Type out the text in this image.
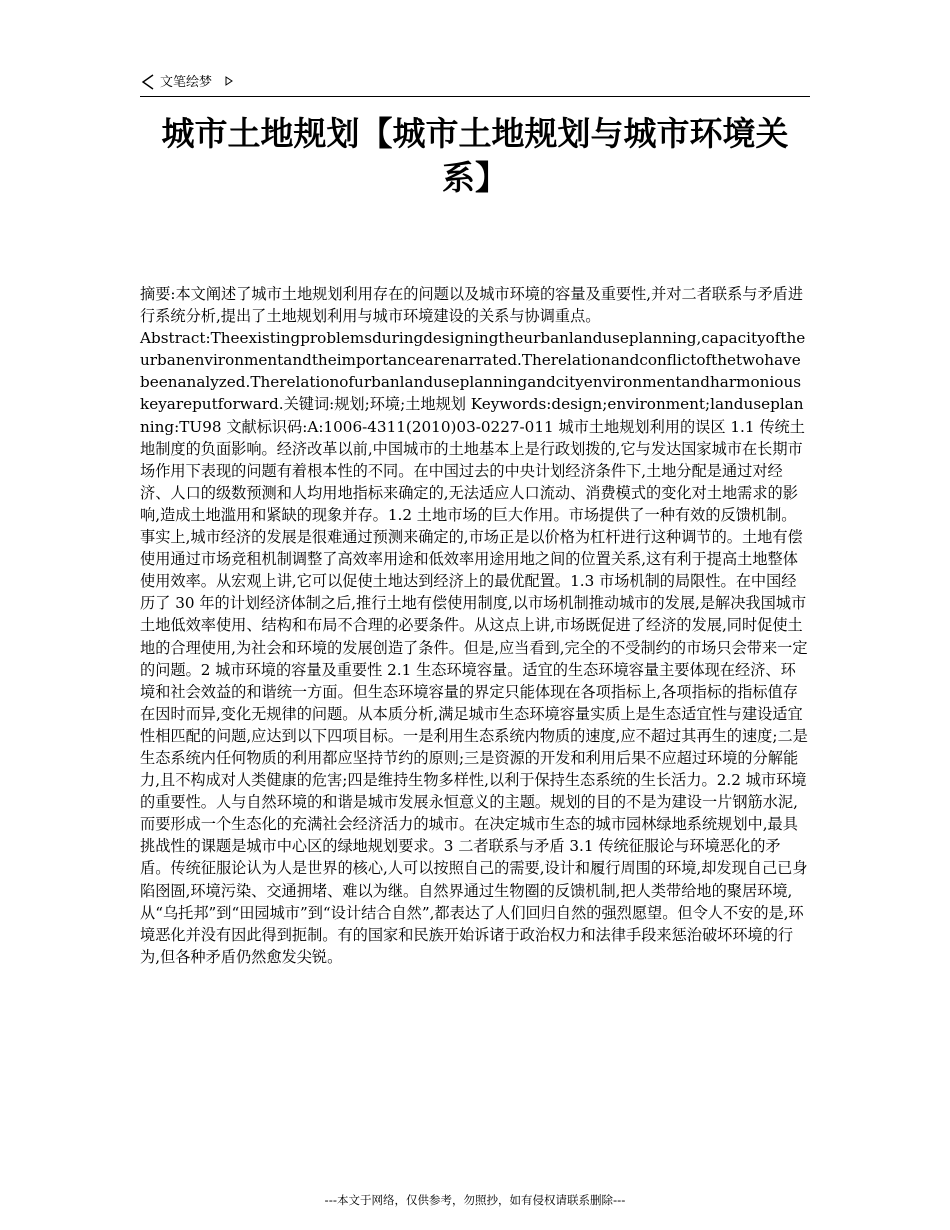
文笔绘梦
城市土地规划【城市土地规划与城市环境关系】

摘要:本文阐述了城市土地规划利用存在的问题以及城市环境的容量及重要性,并对二者联系与矛盾进行系统分析,提出了土地规划利用与城市环境建设的关系与协调重点。

Abstract:Theexistingproblemsduringdesigningtheurbanlanduseplanning,capacityoftheurbanenvironmentandtheimportancearenarrated.Therelationandconflictofthetwohavebeenanalyzed.Therelationofurbanlanduseplanningandcityenvironmentandharmoniouskeyareputforward.关键词:规划;环境;土地规划 Keywords:design;environment;landuseplanning:TU98 文献标识码:A:1006-4311(2010)03-0227-011 城市土地规划利用的误区 1.1 传统土地制度的负面影响。经济改革以前,中国城市的土地基本上是行政划拨的,它与发达国家城市在长期市场作用下表现的问题有着根本性的不同。在中国过去的中央计划经济条件下,土地分配是通过对经济、人口的级数预测和人均用地指标来确定的,无法适应人口流动、消费模式的变化对土地需求的影响,造成土地滥用和紧缺的现象并存。1.2 土地市场的巨大作用。市场提供了一种有效的反馈机制。事实上,城市经济的发展是很难通过预测来确定的,市场正是以价格为杠杆进行这种调节的。土地有偿使用通过市场竞租机制调整了高效率用途和低效率用途用地之间的位置关系,这有利于提高土地整体使用效率。从宏观上讲,它可以促使土地达到经济上的最优配置。1.3 市场机制的局限性。在中国经历了 30 年的计划经济体制之后,推行土地有偿使用制度,以市场机制推动城市的发展,是解决我国城市土地低效率使用、结构和布局不合理的必要条件。从这点上讲,市场既促进了经济的发展,同时促使土地的合理使用,为社会和环境的发展创造了条件。但是,应当看到,完全的不受制约的市场只会带来一定的问题。2 城市环境的容量及重要性 2.1 生态环境容量。适宜的生态环境容量主要体现在经济、环境和社会效益的和谐统一方面。但生态环境容量的界定只能体现在各项指标上,各项指标的指标值存在因时而异,变化无规律的问题。从本质分析,满足城市生态环境容量实质上是生态适宜性与建设适宜性相匹配的问题,应达到以下四项目标。一是利用生态系统内物质的速度,应不超过其再生的速度;二是生态系统内任何物质的利用都应坚持节约的原则;三是资源的开发和利用后果不应超过环境的分解能力,且不构成对人类健康的危害;四是维持生物多样性,以利于保持生态系统的生长活力。2.2 城市环境的重要性。人与自然环境的和谐是城市发展永恒意义的主题。规划的目的不是为建设一片钢筋水泥,而要形成一个生态化的充满社会经济活力的城市。在决定城市生态的城市园林绿地系统规划中,最具挑战性的课题是城市中心区的绿地规划要求。3 二者联系与矛盾 3.1 传统征服论与环境恶化的矛盾。传统征服论认为人是世界的核心,人可以按照自己的需要,设计和履行周围的环境,却发现自己已身陷囹圄,环境污染、交通拥堵、难以为继。自然界通过生物圈的反馈机制,把人类带给地的聚居环境,从“乌托邦”到“田园城市”到“设计结合自然”,都表达了人们回归自然的强烈愿望。但令人不安的是,环境恶化并没有因此得到扼制。有的国家和民族开始诉诸于政治权力和法律手段来惩治破坏环境的行为,但各种矛盾仍然愈发尖锐。

---本文于网络，仅供参考，勿照抄，如有侵权请联系删除---
